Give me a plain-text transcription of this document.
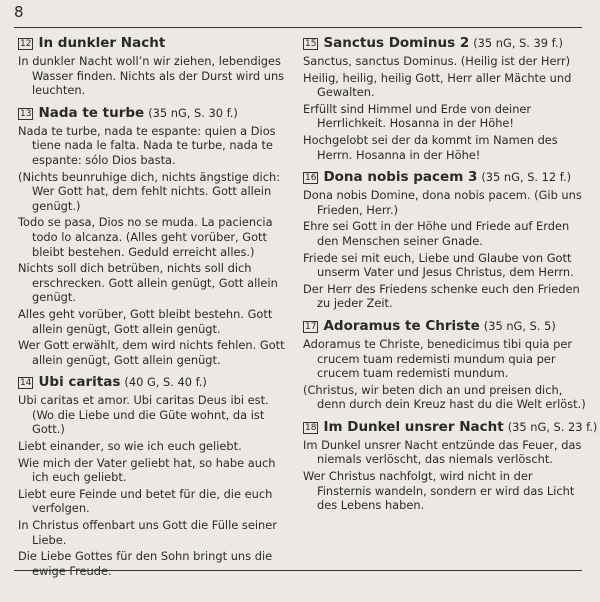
8
12 In dunkler Nacht

In dunkler Nacht woll’n wir ziehen, lebendiges Wasser finden. Nichts als der Durst wird uns leuchten.

13 Nada te turbe (35 nG, S. 30 f.)

Nada te turbe, nada te espante: quien a Dios tiene nada le falta. Nada te turbe, nada te espante: sólo Dios basta.

(Nichts beunruhige dich, nichts ängstige dich: Wer Gott hat, dem fehlt nichts. Gott allein genügt.)

Todo se pasa, Dios no se muda. La paciencia todo lo alcanza. (Alles geht vorüber, Gott bleibt bestehen. Geduld erreicht alles.)

Nichts soll dich betrüben, nichts soll dich erschrecken. Gott allein genügt, Gott allein genügt.

Alles geht vorüber, Gott bleibt bestehn. Gott allein genügt, Gott allein genügt.

Wer Gott erwählt, dem wird nichts fehlen. Gott allein genügt, Gott allein genügt.

14 Ubi caritas (40 G, S. 40 f.)

Ubi caritas et amor. Ubi caritas Deus ibi est. (Wo die Liebe und die Güte wohnt, da ist Gott.)

Liebt einander, so wie ich euch geliebt.

Wie mich der Vater geliebt hat, so habe auch ich euch geliebt.

Liebt eure Feinde und betet für die, die euch verfolgen.

In Christus offenbart uns Gott die Fülle seiner Liebe.

Die Liebe Gottes für den Sohn bringt uns die ewige Freude.

15 Sanctus Dominus 2 (35 nG, S. 39 f.)

Sanctus, sanctus Dominus. (Heilig ist der Herr)

Heilig, heilig, heilig Gott, Herr aller Mächte und Gewalten.

Erfüllt sind Himmel und Erde von deiner Herrlichkeit. Hosanna in der Höhe!

Hochgelobt sei der da kommt im Namen des Herrn. Hosanna in der Höhe!

16 Dona nobis pacem 3 (35 nG, S. 12 f.)

Dona nobis Domine, dona nobis pacem. (Gib uns Frieden, Herr.)

Ehre sei Gott in der Höhe und Friede auf Erden den Menschen seiner Gnade.

Friede sei mit euch, Liebe und Glaube von Gott unserm Vater und Jesus Christus, dem Herrn.

Der Herr des Friedens schenke euch den Frieden zu jeder Zeit.

17 Adoramus te Christe (35 nG, S. 5)

Adoramus te Christe, benedicimus tibi quia per crucem tuam redemisti mundum quia per crucem tuam redemisti mundum.

(Christus, wir beten dich an und preisen dich, denn durch dein Kreuz hast du die Welt erlöst.)

18 Im Dunkel unsrer Nacht (35 nG, S. 23 f.)

Im Dunkel unsrer Nacht entzünde das Feuer, das niemals verlöscht, das niemals verlöscht.

Wer Christus nachfolgt, wird nicht in der Finsternis wandeln, sondern er wird das Licht des Lebens haben.
